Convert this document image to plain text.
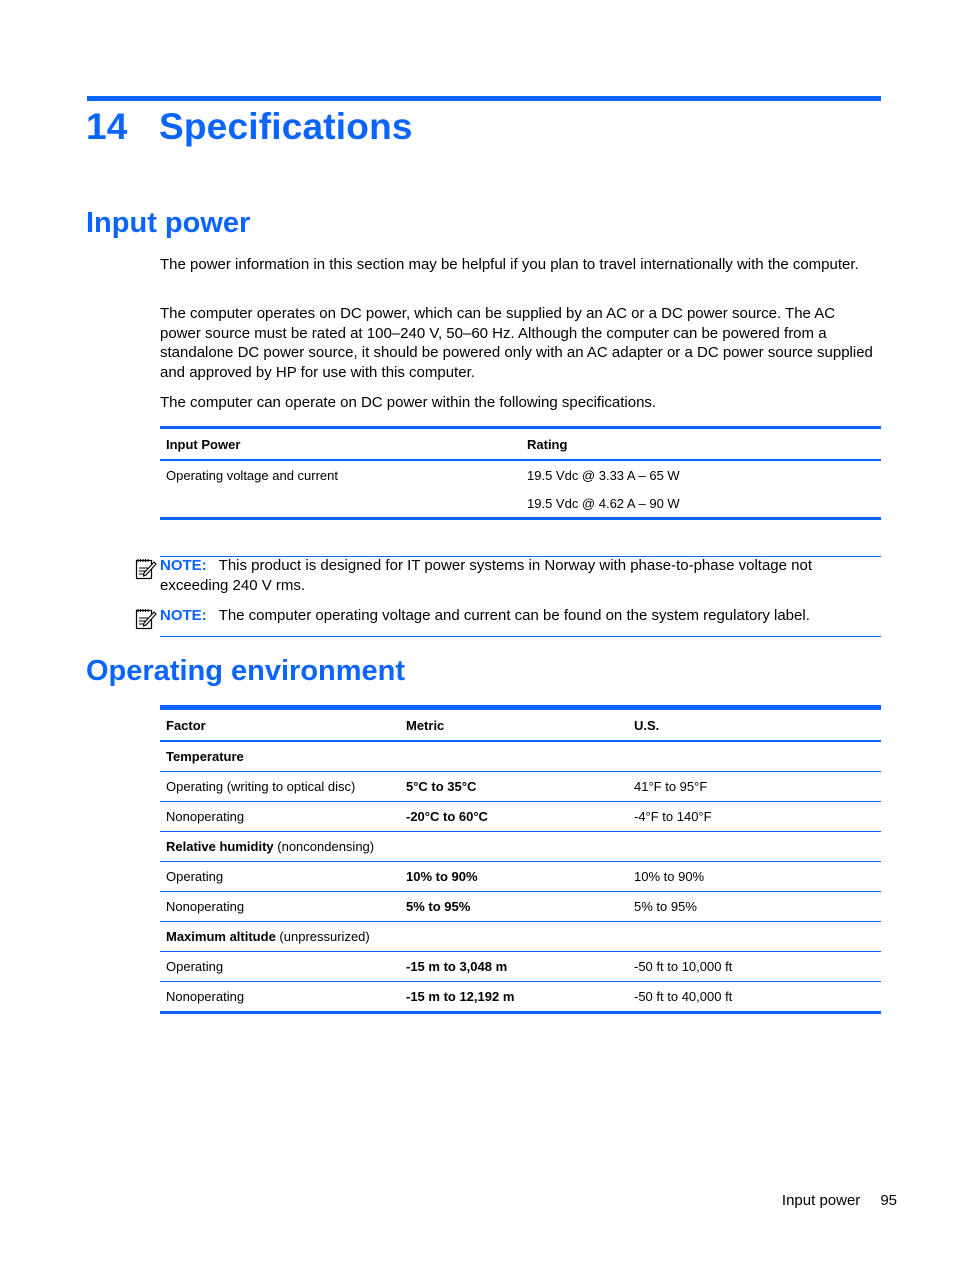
14 Specifications
Input power

The power information in this section may be helpful if you plan to travel internationally with the computer.

The computer operates on DC power, which can be supplied by an AC or a DC power source. The AC power source must be rated at 100–240 V, 50–60 Hz. Although the computer can be powered from a standalone DC power source, it should be powered only with an AC adapter or a DC power source supplied and approved by HP for use with this computer.

The computer can operate on DC power within the following specifications.

Input Power	Rating
Operating voltage and current	19.5 Vdc @ 3.33 A – 65 W
	19.5 Vdc @ 4.62 A – 90 W

NOTE: This product is designed for IT power systems in Norway with phase-to-phase voltage not exceeding 240 V rms.

NOTE: The computer operating voltage and current can be found on the system regulatory label.

Operating environment
Factor	Metric	U.S.
Temperature		
Operating (writing to optical disc)	5°C to 35°C	41°F to 95°F
Nonoperating	-20°C to 60°C	-4°F to 140°F
Relative humidity (noncondensing)		
Operating	10% to 90%	10% to 90%
Nonoperating	5% to 95%	5% to 95%
Maximum altitude (unpressurized)		
Operating	-15 m to 3,048 m	-50 ft to 10,000 ft
Nonoperating	-15 m to 12,192 m	-50 ft to 40,000 ft
Input power 95
